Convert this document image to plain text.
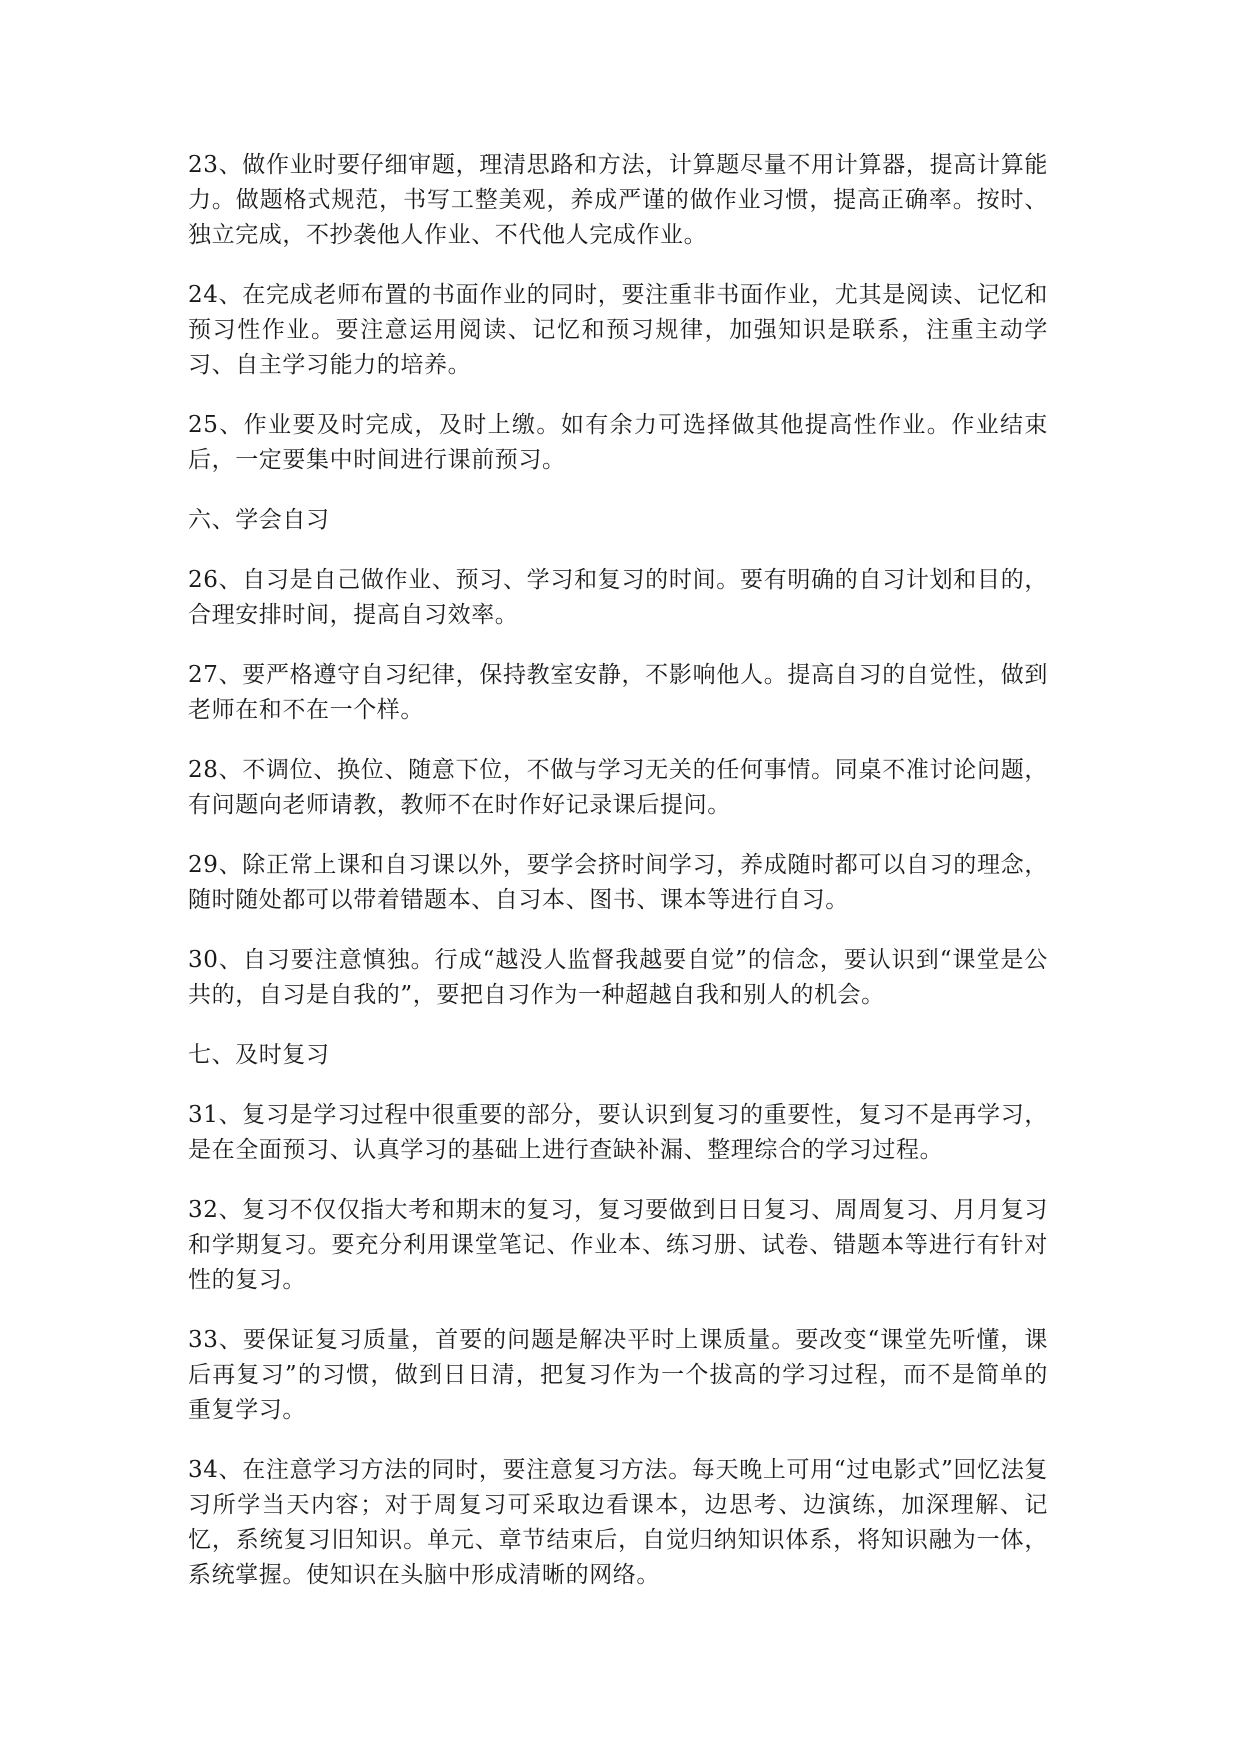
23、做作业时要仔细审题，理清思路和方法，计算题尽量不用计算器，提高计算能力。做题格式规范，书写工整美观，养成严谨的做作业习惯，提高正确率。按时、独立完成，不抄袭他人作业、不代他人完成作业。

24、在完成老师布置的书面作业的同时，要注重非书面作业，尤其是阅读、记忆和预习性作业。要注意运用阅读、记忆和预习规律，加强知识是联系，注重主动学习、自主学习能力的培养。

25、作业要及时完成，及时上缴。如有余力可选择做其他提高性作业。作业结束后，一定要集中时间进行课前预习。

六、学会自习

26、自习是自己做作业、预习、学习和复习的时间。要有明确的自习计划和目的，合理安排时间，提高自习效率。

27、要严格遵守自习纪律，保持教室安静，不影响他人。提高自习的自觉性，做到老师在和不在一个样。

28、不调位、换位、随意下位，不做与学习无关的任何事情。同桌不准讨论问题，有问题向老师请教，教师不在时作好记录课后提问。

29、除正常上课和自习课以外，要学会挤时间学习，养成随时都可以自习的理念，随时随处都可以带着错题本、自习本、图书、课本等进行自习。

30、自习要注意慎独。行成“越没人监督我越要自觉”的信念，要认识到“课堂是公共的，自习是自我的”，要把自习作为一种超越自我和别人的机会。

七、及时复习

31、复习是学习过程中很重要的部分，要认识到复习的重要性，复习不是再学习，是在全面预习、认真学习的基础上进行查缺补漏、整理综合的学习过程。

32、复习不仅仅指大考和期末的复习，复习要做到日日复习、周周复习、月月复习和学期复习。要充分利用课堂笔记、作业本、练习册、试卷、错题本等进行有针对性的复习。

33、要保证复习质量，首要的问题是解决平时上课质量。要改变“课堂先听懂，课后再复习”的习惯，做到日日清，把复习作为一个拔高的学习过程，而不是简单的重复学习。

34、在注意学习方法的同时，要注意复习方法。每天晚上可用“过电影式”回忆法复习所学当天内容；对于周复习可采取边看课本，边思考、边演练，加深理解、记忆，系统复习旧知识。单元、章节结束后，自觉归纳知识体系，将知识融为一体，系统掌握。使知识在头脑中形成清晰的网络。
